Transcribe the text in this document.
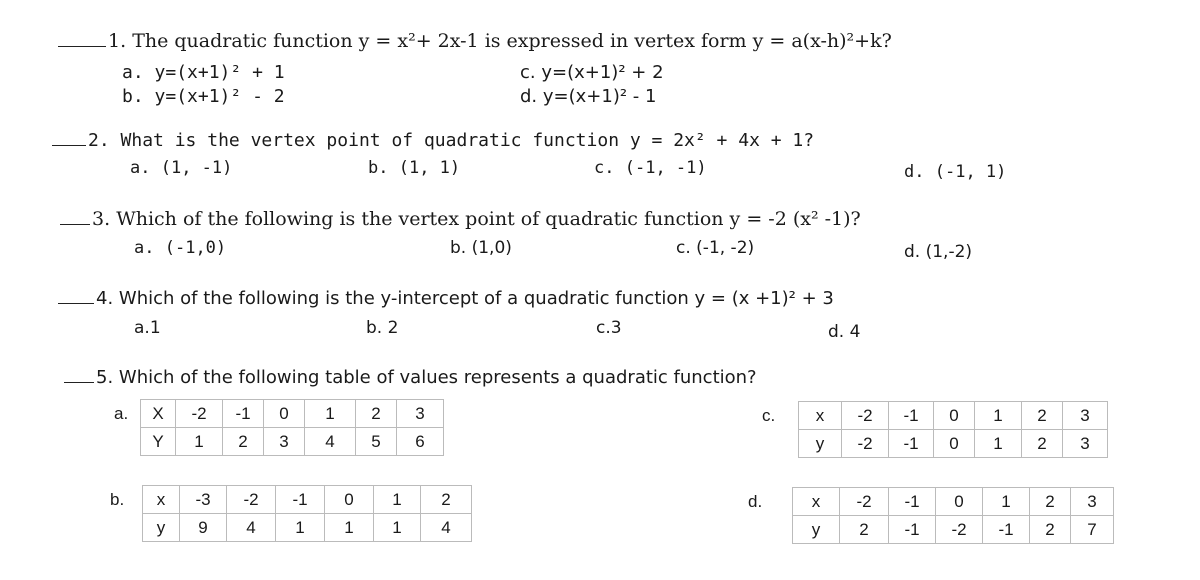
1. The quadratic function y = x²+ 2x-1 is expressed in vertex form y = a(x-h)²+k?
a. y=(x+1)² + 1
b. y=(x+1)² - 2
c. y=(x+1)² + 2
d. y=(x+1)² - 1
2. What is the vertex point of quadratic function y = 2x² + 4x + 1?
a. (1, -1)	b. (1, 1)	c. (-1, -1)	d. (-1, 1)
3. Which of the following is the vertex point of quadratic function y = -2 (x² -1)?
a. (-1,0)	b. (1,0)	c. (-1, -2)	d. (1,-2)
4. Which of the following is the y-intercept of a quadratic function y = (x +1)² + 3
a.1	b. 2	c.3	d. 4
5. Which of the following table of values represents a quadratic function?
a.	X	-2	-1	0	1	2	3
	Y	1	2	3	4	5	6
c.	x	-2	-1	0	1	2	3
	y	-2	-1	0	1	2	3
b.	x	-3	-2	-1	0	1	2
	y	9	4	1	1	1	4
d.	x	-2	-1	0	1	2	3
	y	2	-1	-2	-1	2	7
